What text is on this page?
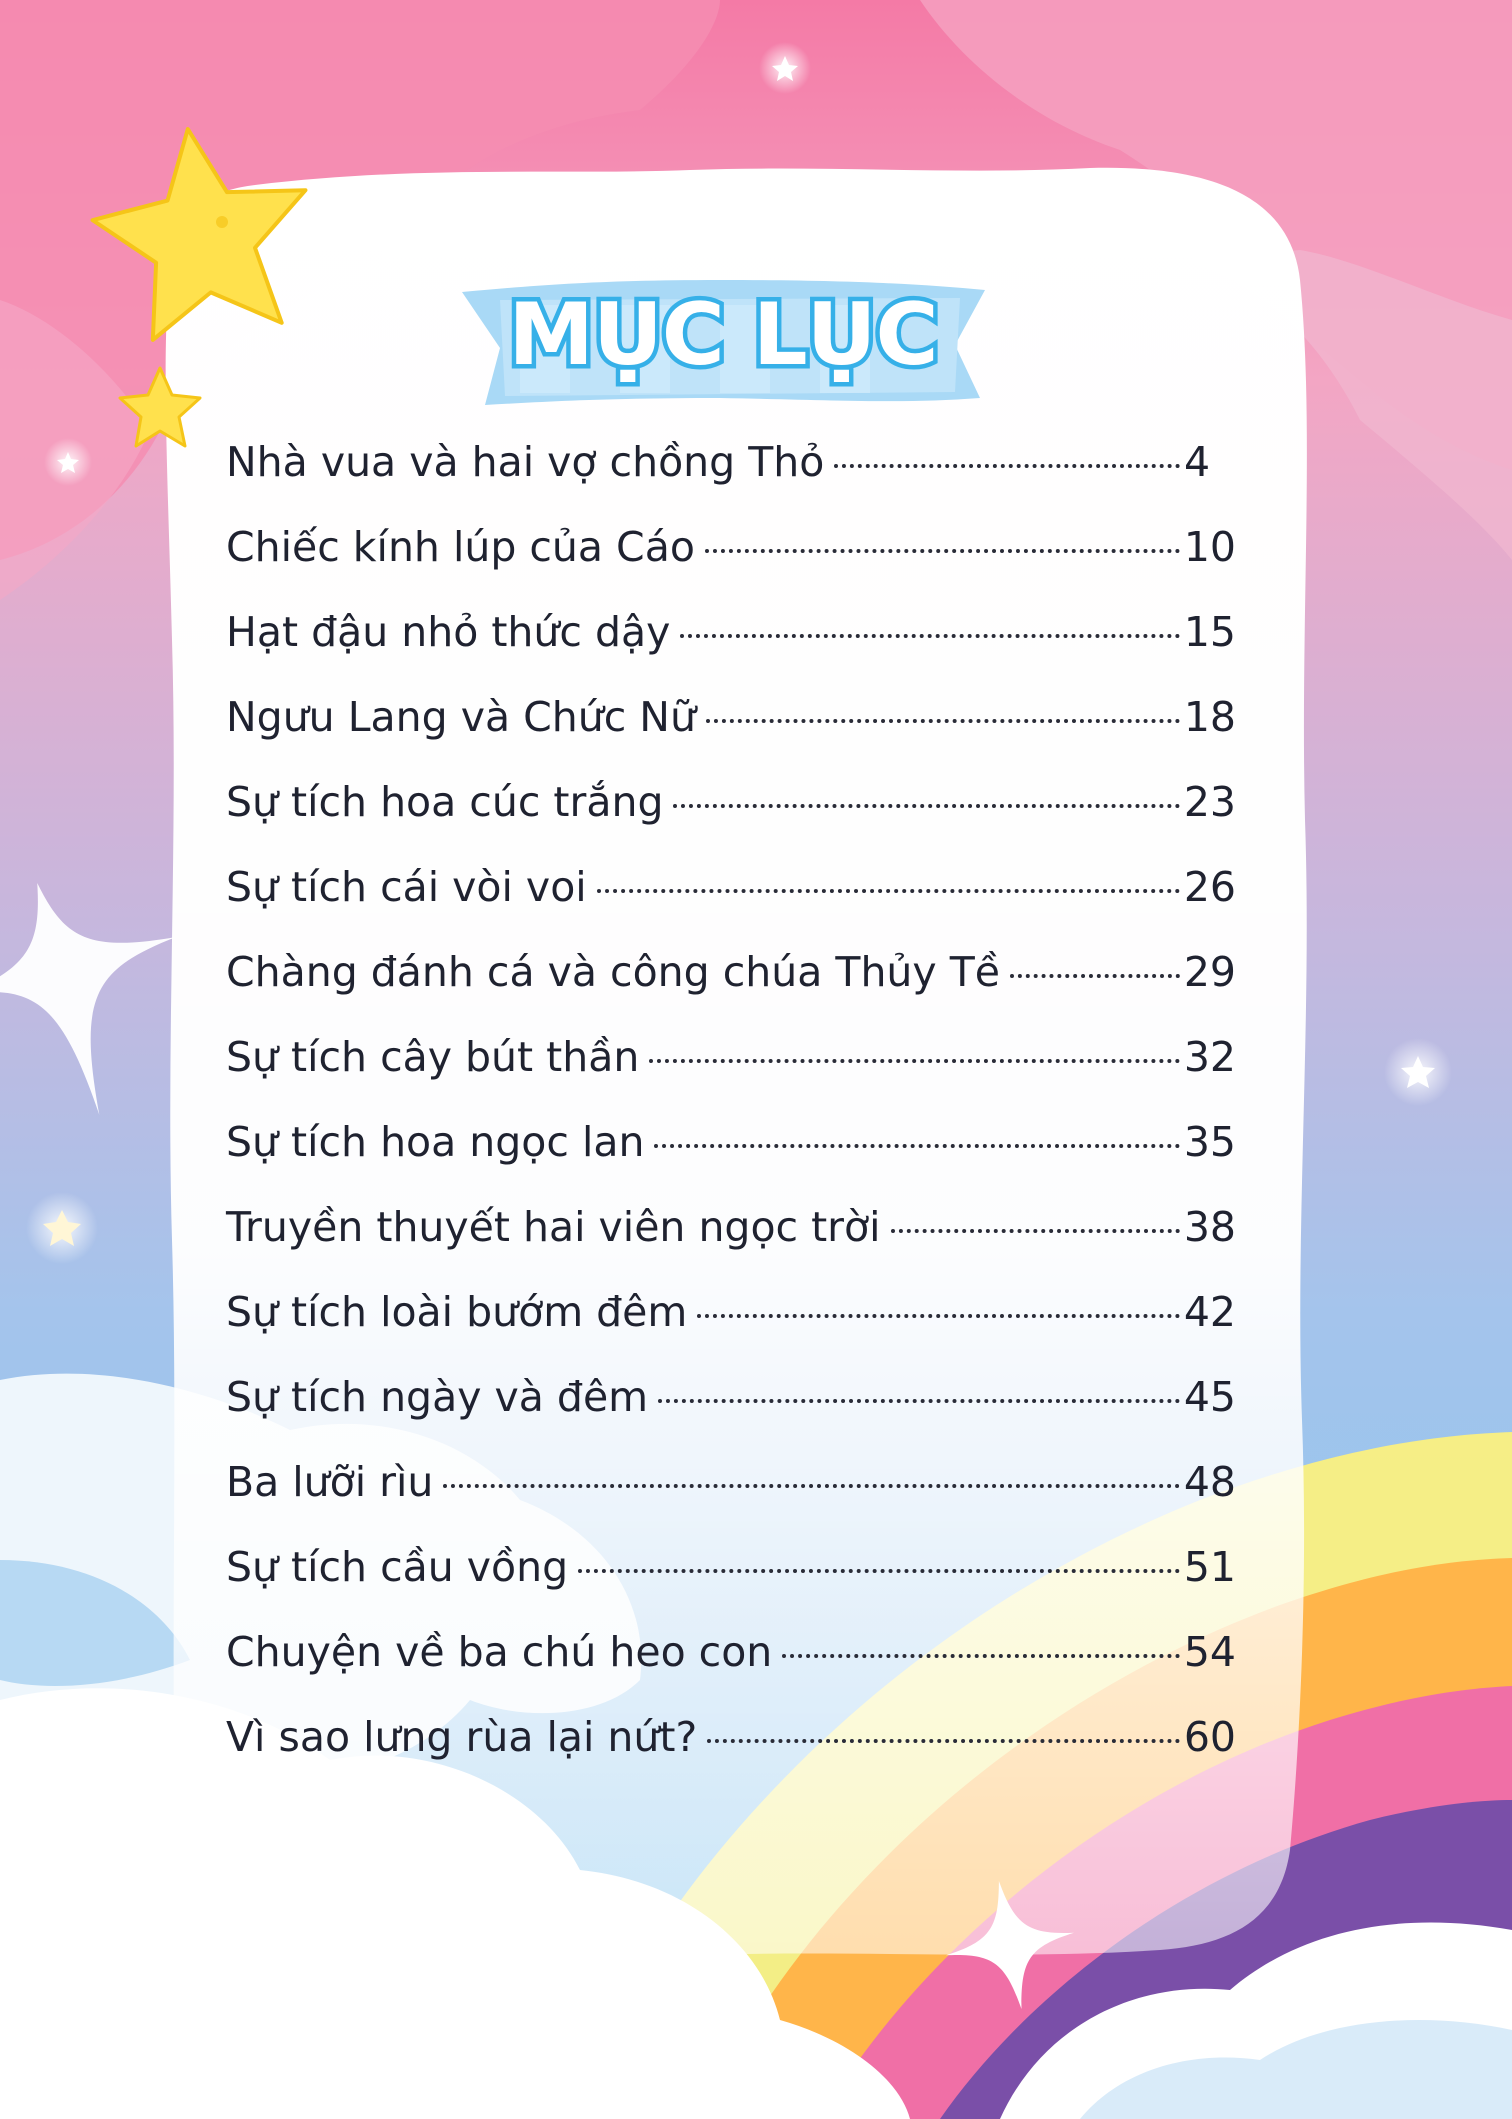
MỤC LỤC
Nhà vua và hai vợ chồng Thỏ	4
Chiếc kính lúp của Cáo	10
Hạt đậu nhỏ thức dậy	15
Ngưu Lang và Chức Nữ	18
Sự tích hoa cúc trắng	23
Sự tích cái vòi voi	26
Chàng đánh cá và công chúa Thủy Tề	29
Sự tích cây bút thần	32
Sự tích hoa ngọc lan	35
Truyền thuyết hai viên ngọc trời	38
Sự tích loài bướm đêm	42
Sự tích ngày và đêm	45
Ba lưỡi rìu	48
Sự tích cầu vồng	51
Chuyện về ba chú heo con	54
Vì sao lưng rùa lại nứt?	60
